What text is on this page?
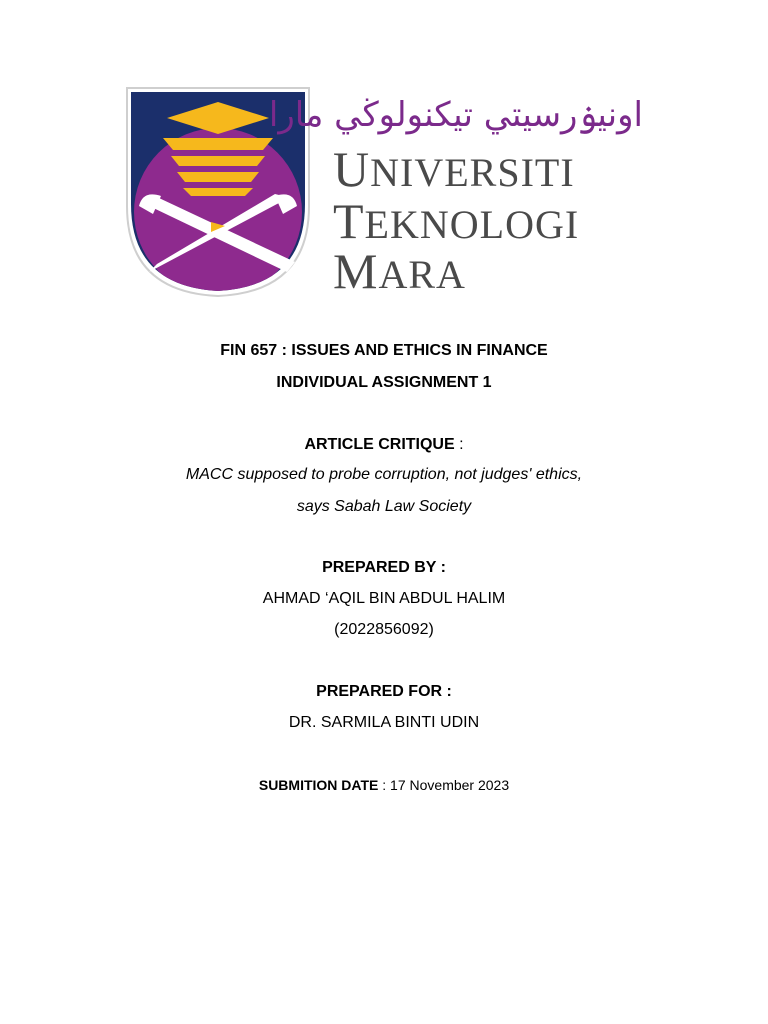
اونيۏرسيتي تيکنولوڬي مارا
UNIVERSITI
TEKNOLOGI
MARA
FIN 657 : ISSUES AND ETHICS IN FINANCE
INDIVIDUAL ASSIGNMENT 1
ARTICLE CRITIQUE :
MACC supposed to probe corruption, not judges' ethics,
says Sabah Law Society
PREPARED BY :
AHMAD ‘AQIL BIN ABDUL HALIM
(2022856092)
PREPARED FOR :
DR. SARMILA BINTI UDIN
SUBMITION DATE : 17 November 2023
